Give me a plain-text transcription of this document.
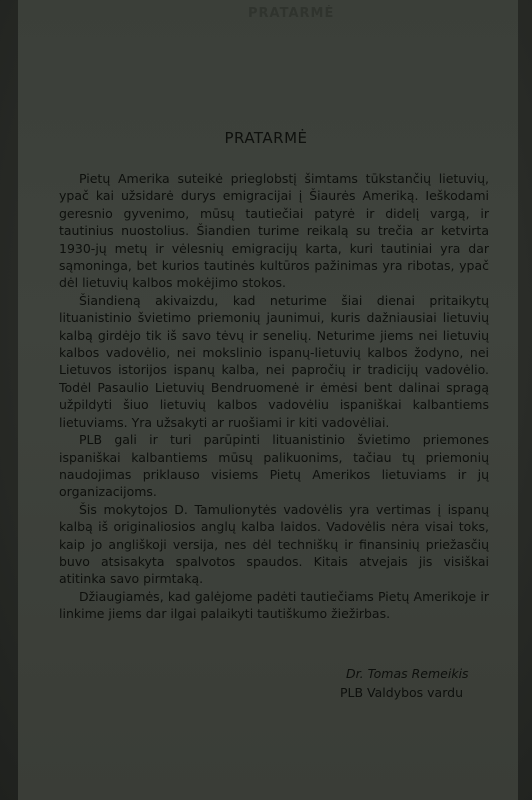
PRATARMĖ
PRATARMĖ

Pietų Amerika suteikė prieglobstį šimtams tūkstančių lietuvių, ypač kai užsidarė durys emigracijai į Šiaurės Ameriką. Ieškodami geresnio gyvenimo, mūsų tautiečiai patyrė ir didelį vargą, ir tautinius nuostolius. Šiandien turime reikalą su trečia ar ketvirta 1930-jų metų ir vėlesnių emigracijų karta, kuri tautiniai yra dar sąmoninga, bet kurios tautinės kultūros pažinimas yra ribotas, ypač dėl lietuvių kalbos mokėjimo stokos.

Šiandieną akivaizdu, kad neturime šiai dienai pritaikytų lituanistinio švietimo priemonių jaunimui, kuris dažniausiai lietuvių kalbą girdėjo tik iš savo tėvų ir senelių. Neturime jiems nei lietuvių kalbos vadovėlio, nei mokslinio ispanų-lietuvių kalbos žodyno, nei Lietuvos istorijos ispanų kalba, nei papročių ir tradicijų vadovėlio. Todėl Pasaulio Lietuvių Bendruomenė ir ėmėsi bent dalinai spragą užpildyti šiuo lietuvių kalbos vadovėliu ispaniškai kalbantiems lietuviams. Yra užsakyti ar ruošiami ir kiti vadovėliai.

PLB gali ir turi parūpinti lituanistinio švietimo priemones ispaniškai kalbantiems mūsų palikuonims, tačiau tų priemonių naudojimas priklauso visiems Pietų Amerikos lietuviams ir jų organizacijoms.

Šis mokytojos D. Tamulionytės vadovėlis yra vertimas į ispanų kalbą iš originaliosios anglų kalba laidos. Vadovėlis nėra visai toks, kaip jo angliškoji versija, nes dėl techniškų ir finansinių priežasčių buvo atsisakyta spalvotos spaudos. Kitais atvejais jis visiškai atitinka savo pirmtaką.

Džiaugiamės, kad galėjome padėti tautiečiams Pietų Amerikoje ir linkime jiems dar ilgai palaikyti tautiškumo žiežirbas.

Dr. Tomas Remeikis
PLB Valdybos vardu
